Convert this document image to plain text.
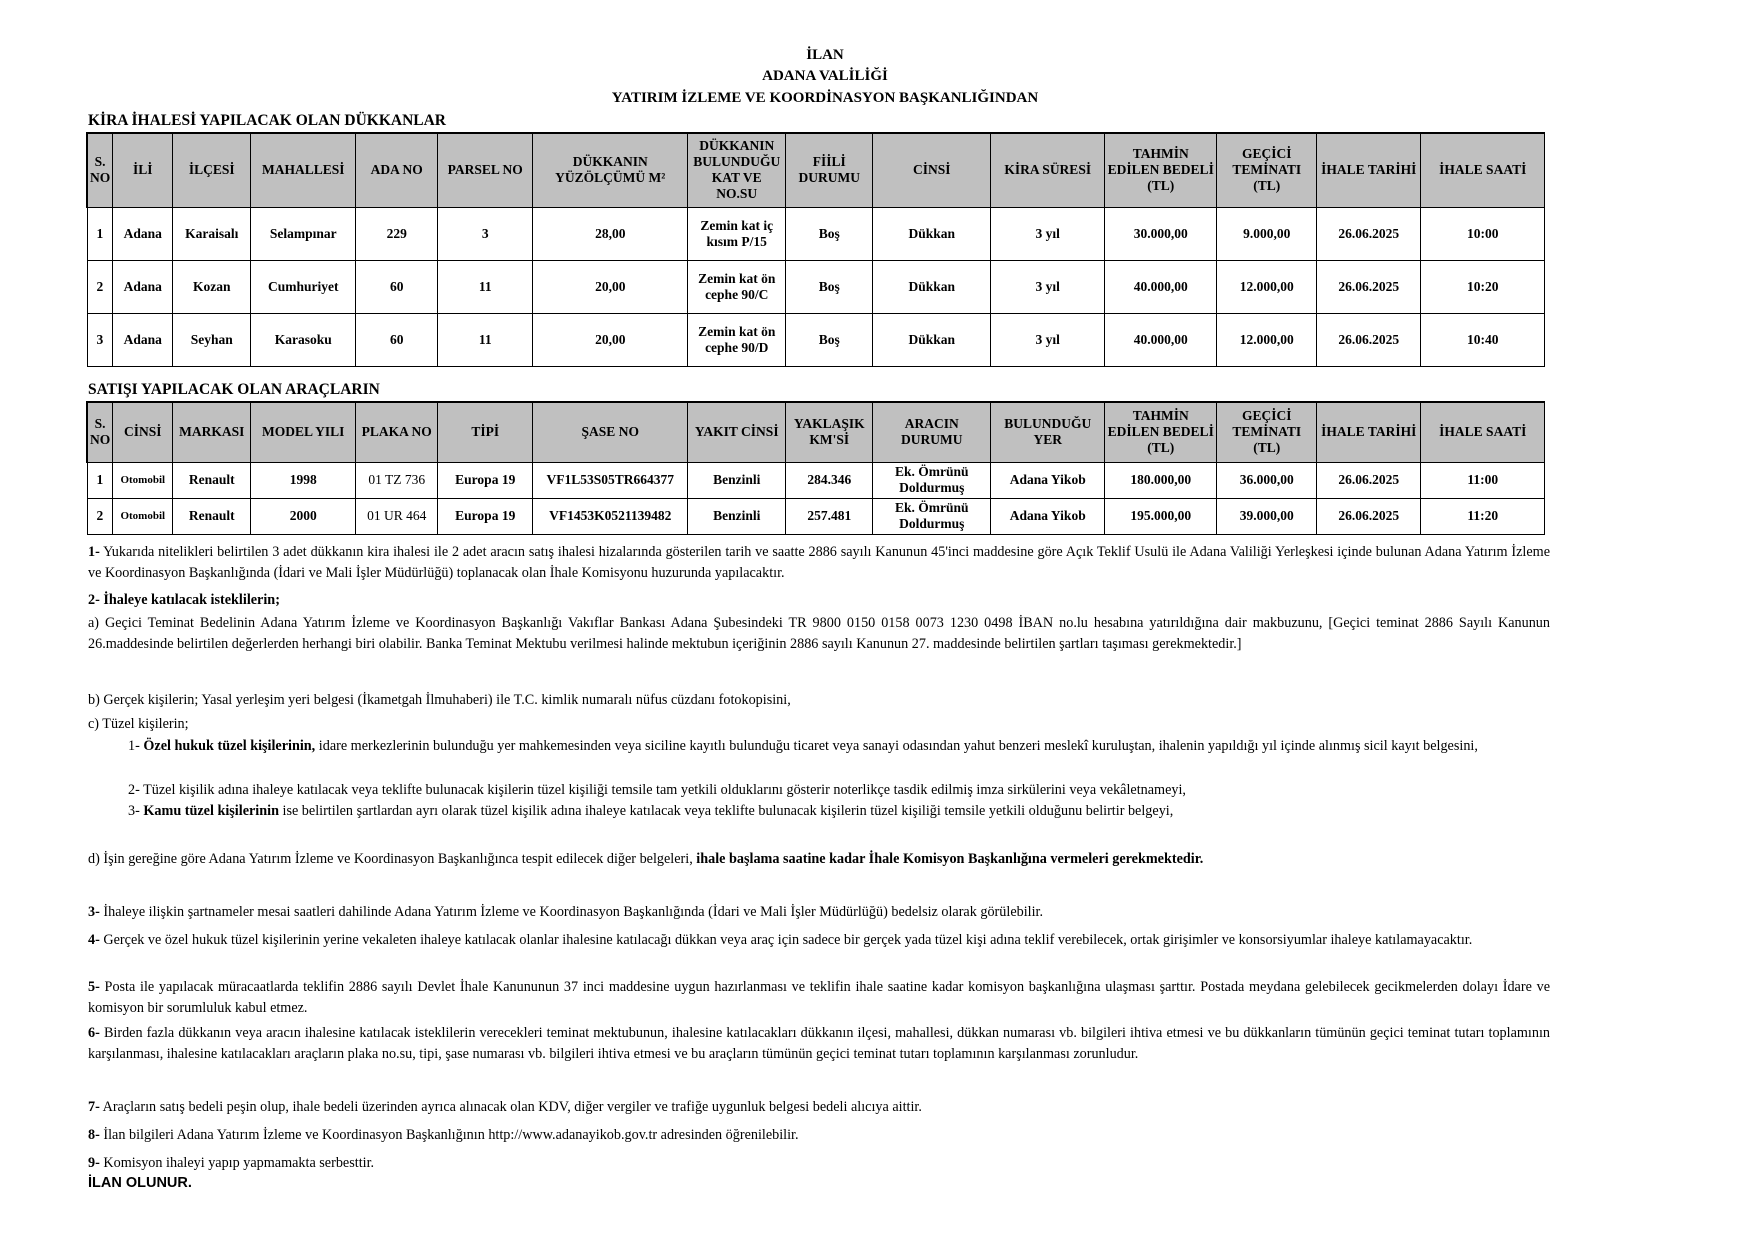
İLAN
ADANA VALİLİĞİ
YATIRIM İZLEME VE KOORDİNASYON BAŞKANLIĞINDAN
KİRA İHALESİ YAPILACAK OLAN DÜKKANLAR
S. NO	İLİ	İLÇESİ	MAHALLESİ	ADA NO	PARSEL NO	DÜKKANIN YÜZÖLÇÜMÜ M²	DÜKKANIN BULUNDUĞU KAT VE NO.SU	FİİLİ DURUMU	CİNSİ	KİRA SÜRESİ	TAHMİN EDİLEN BEDELİ (TL)	GEÇİCİ TEMİNATI (TL)	İHALE TARİHİ	İHALE SAATİ
1	Adana	Karaisalı	Selampınar	229	3	28,00	Zemin kat iç kısım P/15	Boş	Dükkan	3 yıl	30.000,00	9.000,00	26.06.2025	10:00
2	Adana	Kozan	Cumhuriyet	60	11	20,00	Zemin kat ön cephe 90/C	Boş	Dükkan	3 yıl	40.000,00	12.000,00	26.06.2025	10:20
3	Adana	Seyhan	Karasoku	60	11	20,00	Zemin kat ön cephe 90/D	Boş	Dükkan	3 yıl	40.000,00	12.000,00	26.06.2025	10:40
SATIŞI YAPILACAK OLAN ARAÇLARIN
S. NO	CİNSİ	MARKASI	MODEL YILI	PLAKA NO	TİPİ	ŞASE NO	YAKIT CİNSİ	YAKLAŞIK KM'Sİ	ARACIN DURUMU	BULUNDUĞU YER	TAHMİN EDİLEN BEDELİ (TL)	GEÇİCİ TEMİNATI (TL)	İHALE TARİHİ	İHALE SAATİ
1	Otomobil	Renault	1998	01 TZ 736	Europa 19	VF1L53S05TR664377	Benzinli	284.346	Ek. Ömrünü Doldurmuş	Adana Yikob	180.000,00	36.000,00	26.06.2025	11:00
2	Otomobil	Renault	2000	01 UR 464	Europa 19	VF1453K0521139482	Benzinli	257.481	Ek. Ömrünü Doldurmuş	Adana Yikob	195.000,00	39.000,00	26.06.2025	11:20
1- Yukarıda nitelikleri belirtilen 3 adet dükkanın kira ihalesi ile 2 adet aracın satış ihalesi hizalarında gösterilen tarih ve saatte 2886 sayılı Kanunun 45'inci maddesine göre Açık Teklif Usulü ile Adana Valiliği Yerleşkesi içinde bulunan Adana Yatırım İzleme ve Koordinasyon Başkanlığında (İdari ve Mali İşler Müdürlüğü) toplanacak olan İhale Komisyonu huzurunda yapılacaktır.
2- İhaleye katılacak isteklilerin;
a) Geçici Teminat Bedelinin Adana Yatırım İzleme ve Koordinasyon Başkanlığı Vakıflar Bankası Adana Şubesindeki TR 9800 0150 0158 0073 1230 0498 İBAN no.lu hesabına yatırıldığına dair makbuzunu, [Geçici teminat 2886 Sayılı Kanunun 26.maddesinde belirtilen değerlerden herhangi biri olabilir. Banka Teminat Mektubu verilmesi halinde mektubun içeriğinin 2886 sayılı Kanunun 27. maddesinde belirtilen şartları taşıması gerekmektedir.]
b) Gerçek kişilerin; Yasal yerleşim yeri belgesi (İkametgah İlmuhaberi) ile T.C. kimlik numaralı nüfus cüzdanı fotokopisini,
c) Tüzel kişilerin;
1- Özel hukuk tüzel kişilerinin, idare merkezlerinin bulunduğu yer mahkemesinden veya siciline kayıtlı bulunduğu ticaret veya sanayi odasından yahut benzeri meslekî kuruluştan, ihalenin yapıldığı yıl içinde alınmış sicil kayıt belgesini,
2- Tüzel kişilik adına ihaleye katılacak veya teklifte bulunacak kişilerin tüzel kişiliği temsile tam yetkili olduklarını gösterir noterlikçe tasdik edilmiş imza sirkülerini veya vekâletnameyi,
3- Kamu tüzel kişilerinin ise belirtilen şartlardan ayrı olarak tüzel kişilik adına ihaleye katılacak veya teklifte bulunacak kişilerin tüzel kişiliği temsile yetkili olduğunu belirtir belgeyi,
d) İşin gereğine göre Adana Yatırım İzleme ve Koordinasyon Başkanlığınca tespit edilecek diğer belgeleri, ihale başlama saatine kadar İhale Komisyon Başkanlığına vermeleri gerekmektedir.
3- İhaleye ilişkin şartnameler mesai saatleri dahilinde Adana Yatırım İzleme ve Koordinasyon Başkanlığında (İdari ve Mali İşler Müdürlüğü) bedelsiz olarak görülebilir.
4- Gerçek ve özel hukuk tüzel kişilerinin yerine vekaleten ihaleye katılacak olanlar ihalesine katılacağı dükkan veya araç için sadece bir gerçek yada tüzel kişi adına teklif verebilecek, ortak girişimler ve konsorsiyumlar ihaleye katılamayacaktır.
5- Posta ile yapılacak müracaatlarda teklifin 2886 sayılı Devlet İhale Kanununun 37 inci maddesine uygun hazırlanması ve teklifin ihale saatine kadar komisyon başkanlığına ulaşması şarttır. Postada meydana gelebilecek gecikmelerden dolayı İdare ve komisyon bir sorumluluk kabul etmez.
6- Birden fazla dükkanın veya aracın ihalesine katılacak isteklilerin verecekleri teminat mektubunun, ihalesine katılacakları dükkanın ilçesi, mahallesi, dükkan numarası vb. bilgileri ihtiva etmesi ve bu dükkanların tümünün geçici teminat tutarı toplamının karşılanması, ihalesine katılacakları araçların plaka no.su, tipi, şase numarası vb. bilgileri ihtiva etmesi ve bu araçların tümünün geçici teminat tutarı toplamının karşılanması zorunludur.
7- Araçların satış bedeli peşin olup, ihale bedeli üzerinden ayrıca alınacak olan KDV, diğer vergiler ve trafiğe uygunluk belgesi bedeli alıcıya aittir.
8- İlan bilgileri Adana Yatırım İzleme ve Koordinasyon Başkanlığının http://www.adanayikob.gov.tr adresinden öğrenilebilir.
9- Komisyon ihaleyi yapıp yapmamakta serbesttir.
İLAN OLUNUR.
